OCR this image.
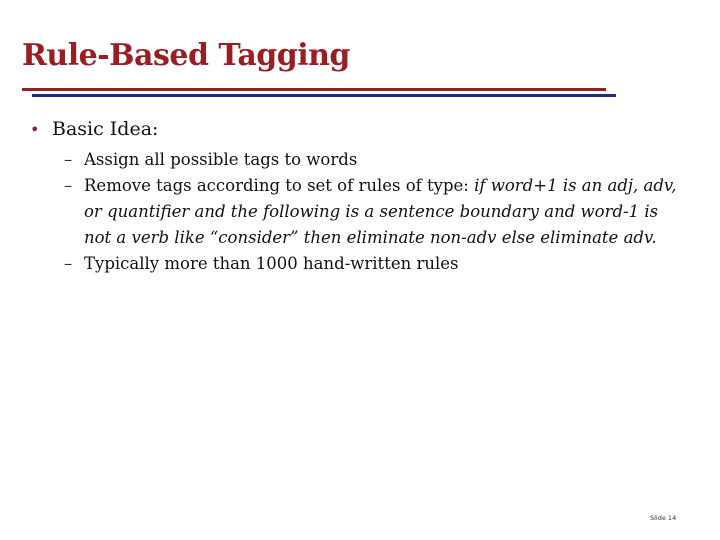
Rule-Based Tagging
• Basic Idea:
– Assign all possible tags to words
– Remove tags according to set of rules of type: if word+1 is an adj, adv, or quantifier and the following is a sentence boundary and word-1 is not a verb like “consider” then eliminate non-adv else eliminate adv.
– Typically more than 1000 hand-written rules
Slide 14
